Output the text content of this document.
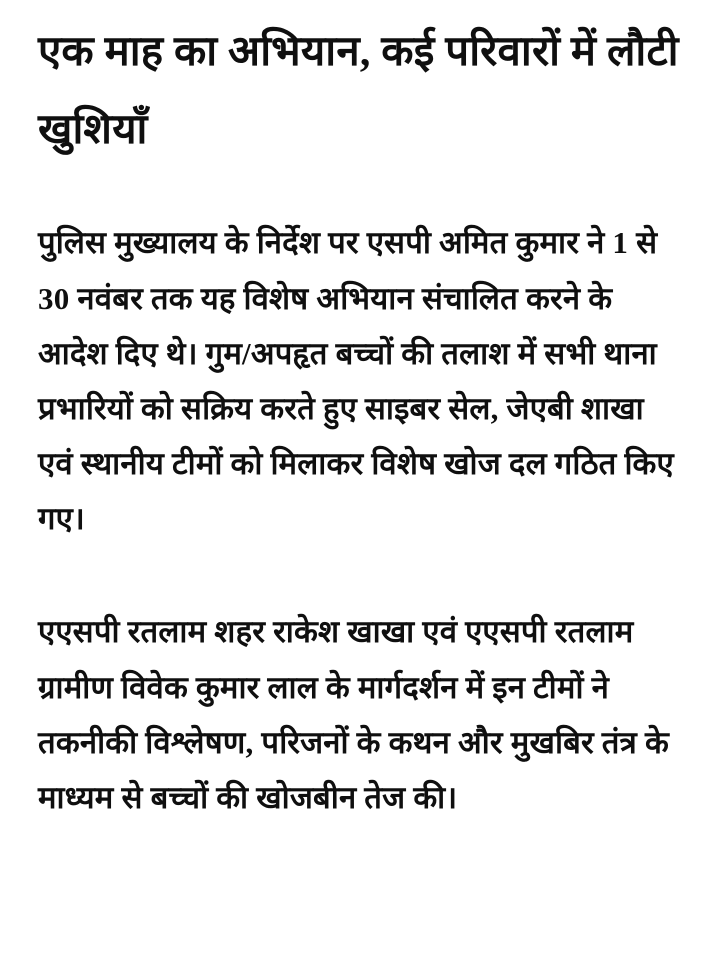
एक माह का अभियान, कई परिवारों में लौटी खुशियाँ

पुलिस मुख्यालय के निर्देश पर एसपी अमित कुमार ने 1 से 30 नवंबर तक यह विशेष अभियान संचालित करने के आदेश दिए थे। गुम/अपहृत बच्चों की तलाश में सभी थाना प्रभारियों को सक्रिय करते हुए साइबर सेल, जेएबी शाखा एवं स्थानीय टीमों को मिलाकर विशेष खोज दल गठित किए गए।

एएसपी रतलाम शहर राकेश खाखा एवं एएसपी रतलाम ग्रामीण विवेक कुमार लाल के मार्गदर्शन में इन टीमों ने तकनीकी विश्लेषण, परिजनों के कथन और मुखबिर तंत्र के माध्यम से बच्चों की खोजबीन तेज की।
